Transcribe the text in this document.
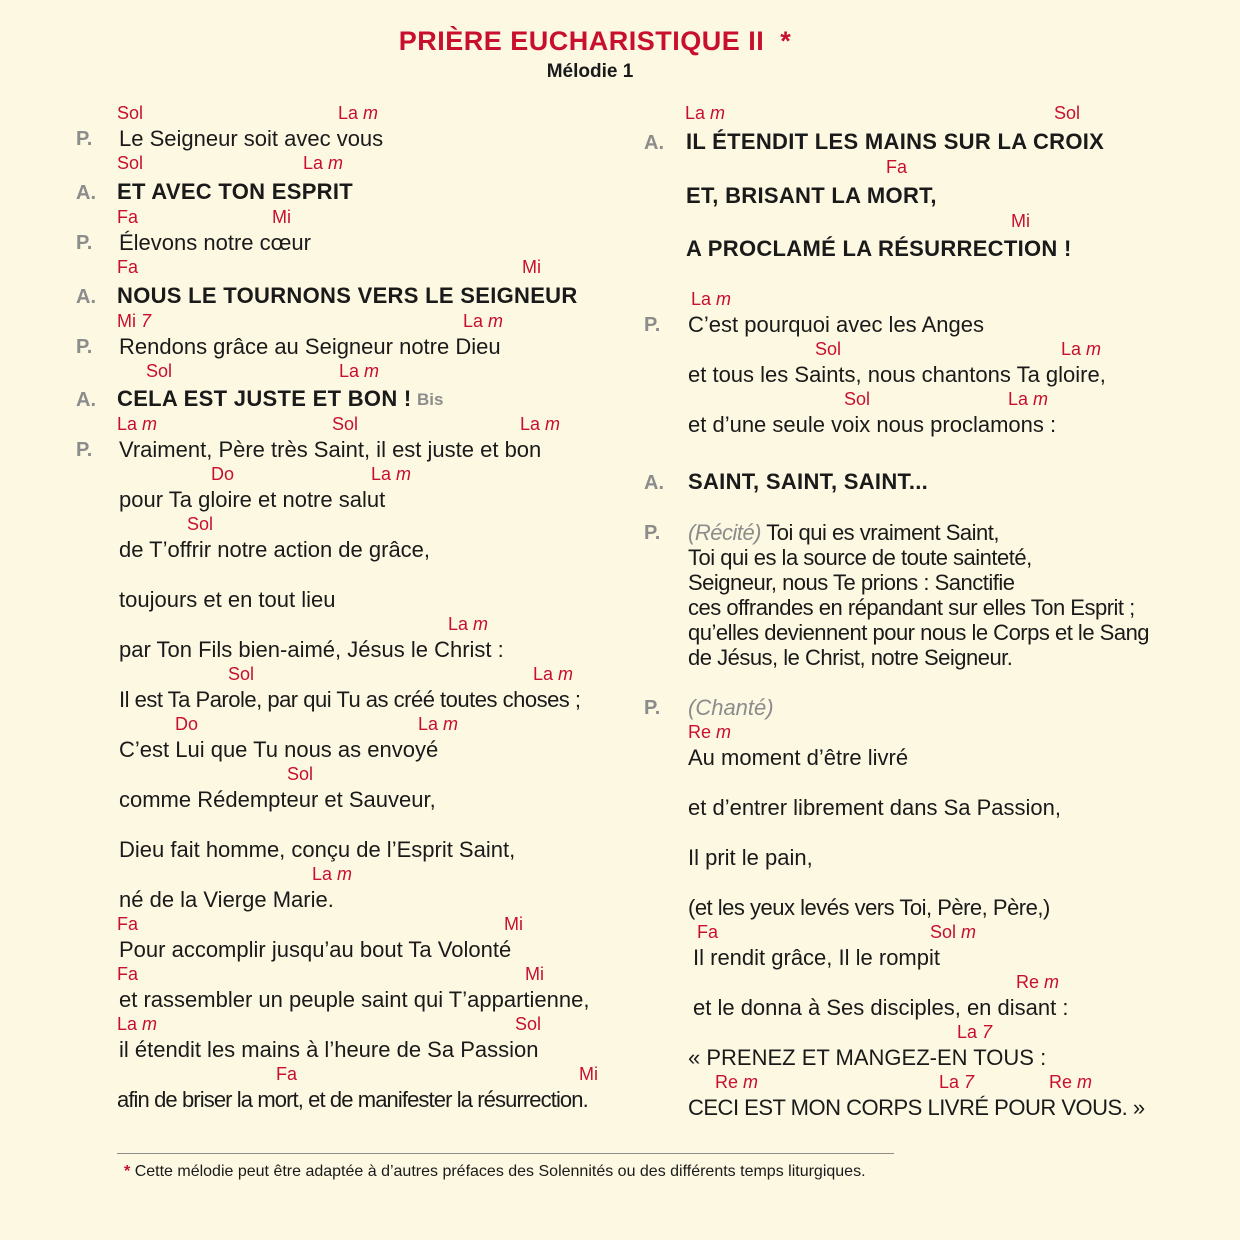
PRIÈRE EUCHARISTIQUE II *
Mélodie 1
Sol	La m
P. Le Seigneur soit avec vous
Sol	La m
A. ET AVEC TON ESPRIT
Fa	Mi
P. Élevons notre cœur
Fa	Mi
A. NOUS LE TOURNONS VERS LE SEIGNEUR
Mi 7	La m
P. Rendons grâce au Seigneur notre Dieu
Sol	La m
A. CELA EST JUSTE ET BON ! Bis
La m	Sol	La m
P. Vraiment, Père très Saint, il est juste et bon
Do	La m
pour Ta gloire et notre salut
Sol
de T’offrir notre action de grâce,
toujours et en tout lieu
La m
par Ton Fils bien-aimé, Jésus le Christ :
Sol	La m
Il est Ta Parole, par qui Tu as créé toutes choses ;
Do	La m
C’est Lui que Tu nous as envoyé
Sol
comme Rédempteur et Sauveur,
Dieu fait homme, conçu de l’Esprit Saint,
La m
né de la Vierge Marie.
Fa	Mi
Pour accomplir jusqu’au bout Ta Volonté
Fa	Mi
et rassembler un peuple saint qui T’appartienne,
La m	Sol
il étendit les mains à l’heure de Sa Passion
Fa	Mi
afin de briser la mort, et de manifester la résurrection.
La m	Sol
A. IL ÉTENDIT LES MAINS SUR LA CROIX
Fa
ET, BRISANT LA MORT,
Mi
A PROCLAMÉ LA RÉSURRECTION !
La m
P. C’est pourquoi avec les Anges
Sol	La m
et tous les Saints, nous chantons Ta gloire,
Sol	La m
et d’une seule voix nous proclamons :
A. SAINT, SAINT, SAINT...
P. (Récité) Toi qui es vraiment Saint,
Toi qui es la source de toute sainteté,
Seigneur, nous Te prions : Sanctifie
ces offrandes en répandant sur elles Ton Esprit ;
qu’elles deviennent pour nous le Corps et le Sang
de Jésus, le Christ, notre Seigneur.
P. (Chanté)
Re m
Au moment d’être livré
et d’entrer librement dans Sa Passion,
Il prit le pain,
(et les yeux levés vers Toi, Père, Père,)
Fa	Sol m
Il rendit grâce, Il le rompit
Re m
et le donna à Ses disciples, en disant :
La 7
« PRENEZ ET MANGEZ-EN TOUS :
Re m	La 7	Re m
CECI EST MON CORPS LIVRÉ POUR VOUS. »
* Cette mélodie peut être adaptée à d’autres préfaces des Solennités ou des différents temps liturgiques.
